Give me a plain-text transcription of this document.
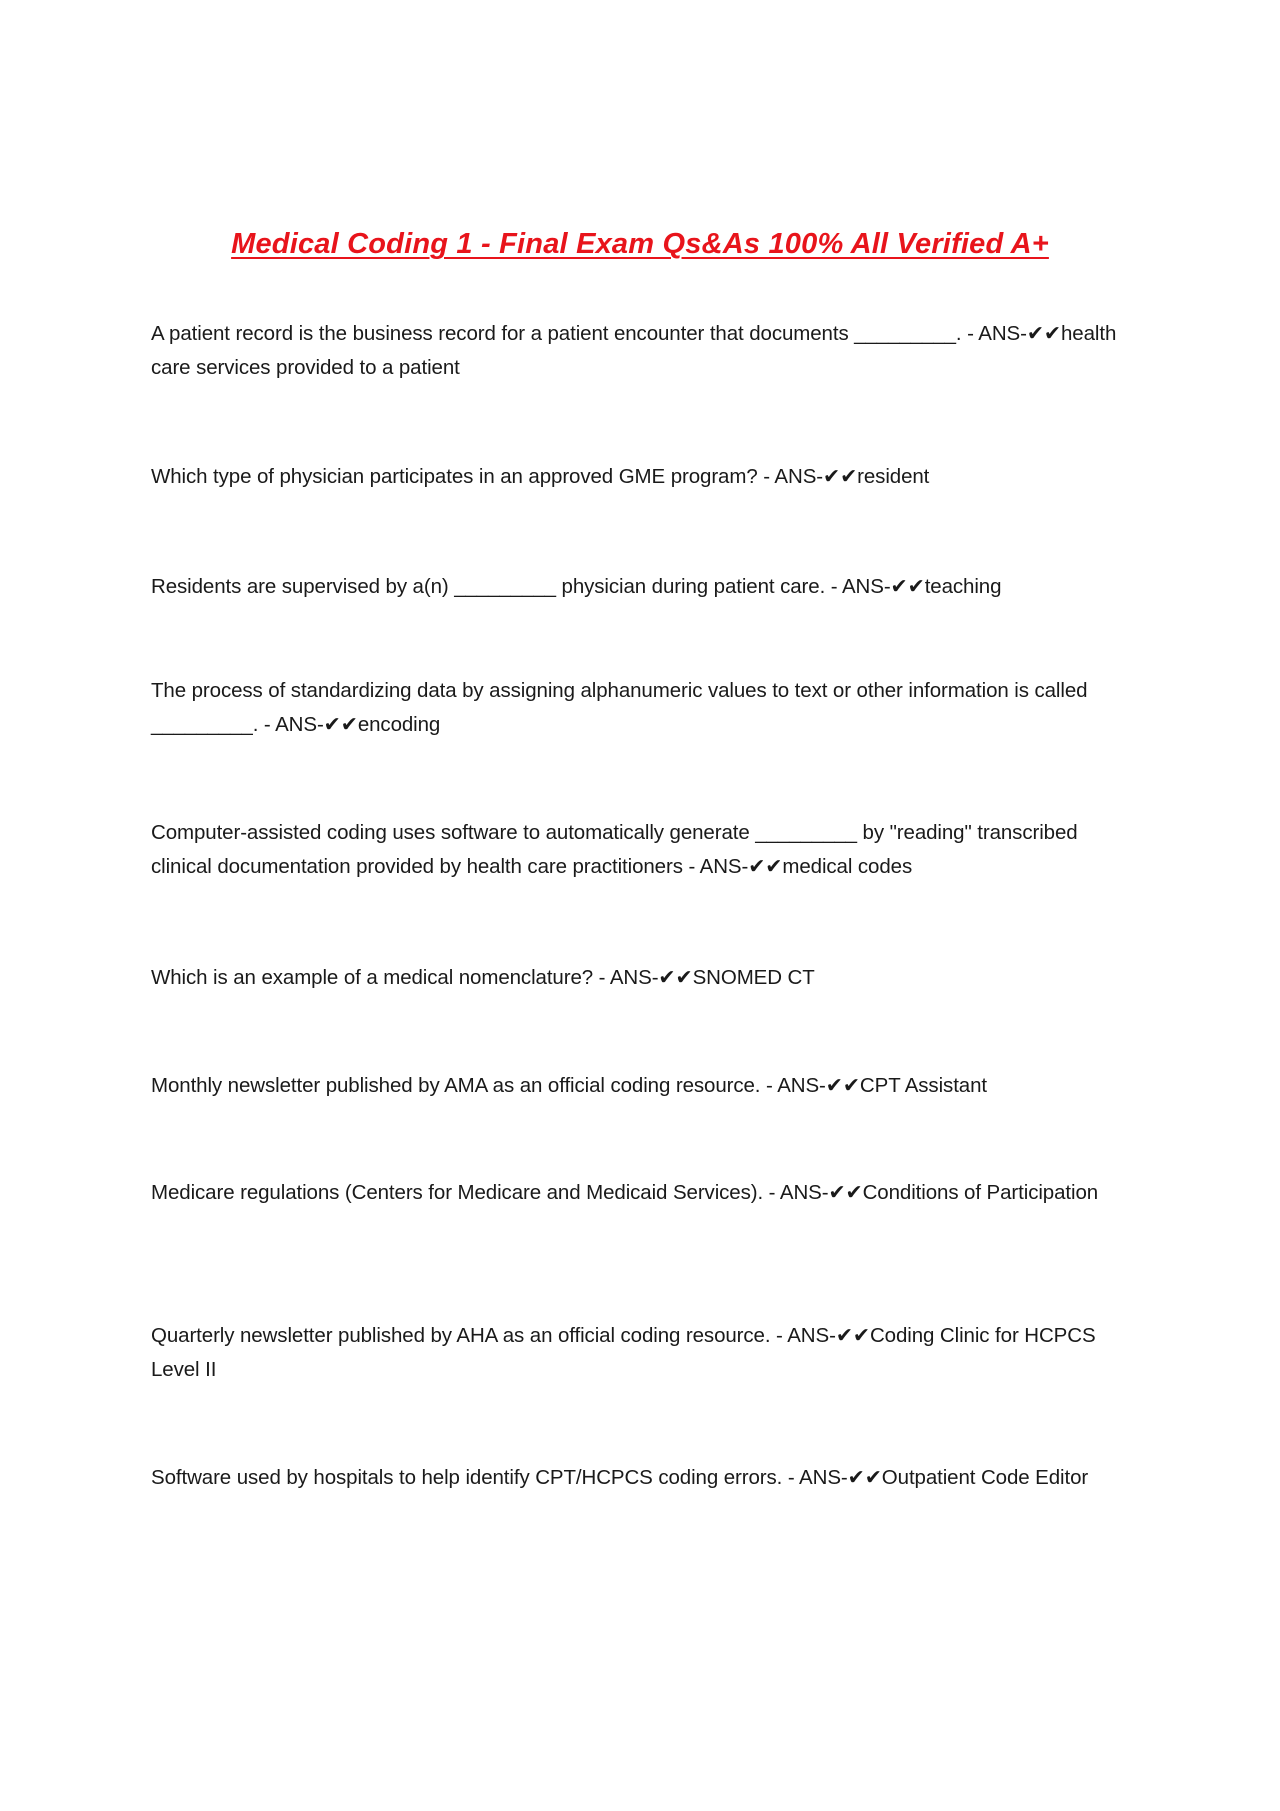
Medical Coding 1 - Final Exam Qs&As 100% All Verified A+

A patient record is the business record for a patient encounter that documents _________. - ANS-✔✔health care services provided to a patient

Which type of physician participates in an approved GME program? - ANS-✔✔resident

Residents are supervised by a(n) _________ physician during patient care. - ANS-✔✔teaching

The process of standardizing data by assigning alphanumeric values to text or other information is called _________. - ANS-✔✔encoding

Computer-assisted coding uses software to automatically generate _________ by "reading" transcribed clinical documentation provided by health care practitioners - ANS-✔✔medical codes

Which is an example of a medical nomenclature? - ANS-✔✔SNOMED CT

Monthly newsletter published by AMA as an official coding resource. - ANS-✔✔CPT Assistant

Medicare regulations (Centers for Medicare and Medicaid Services). - ANS-✔✔Conditions of Participation

Quarterly newsletter published by AHA as an official coding resource. - ANS-✔✔Coding Clinic for HCPCS Level II

Software used by hospitals to help identify CPT/HCPCS coding errors. - ANS-✔✔Outpatient Code Editor
